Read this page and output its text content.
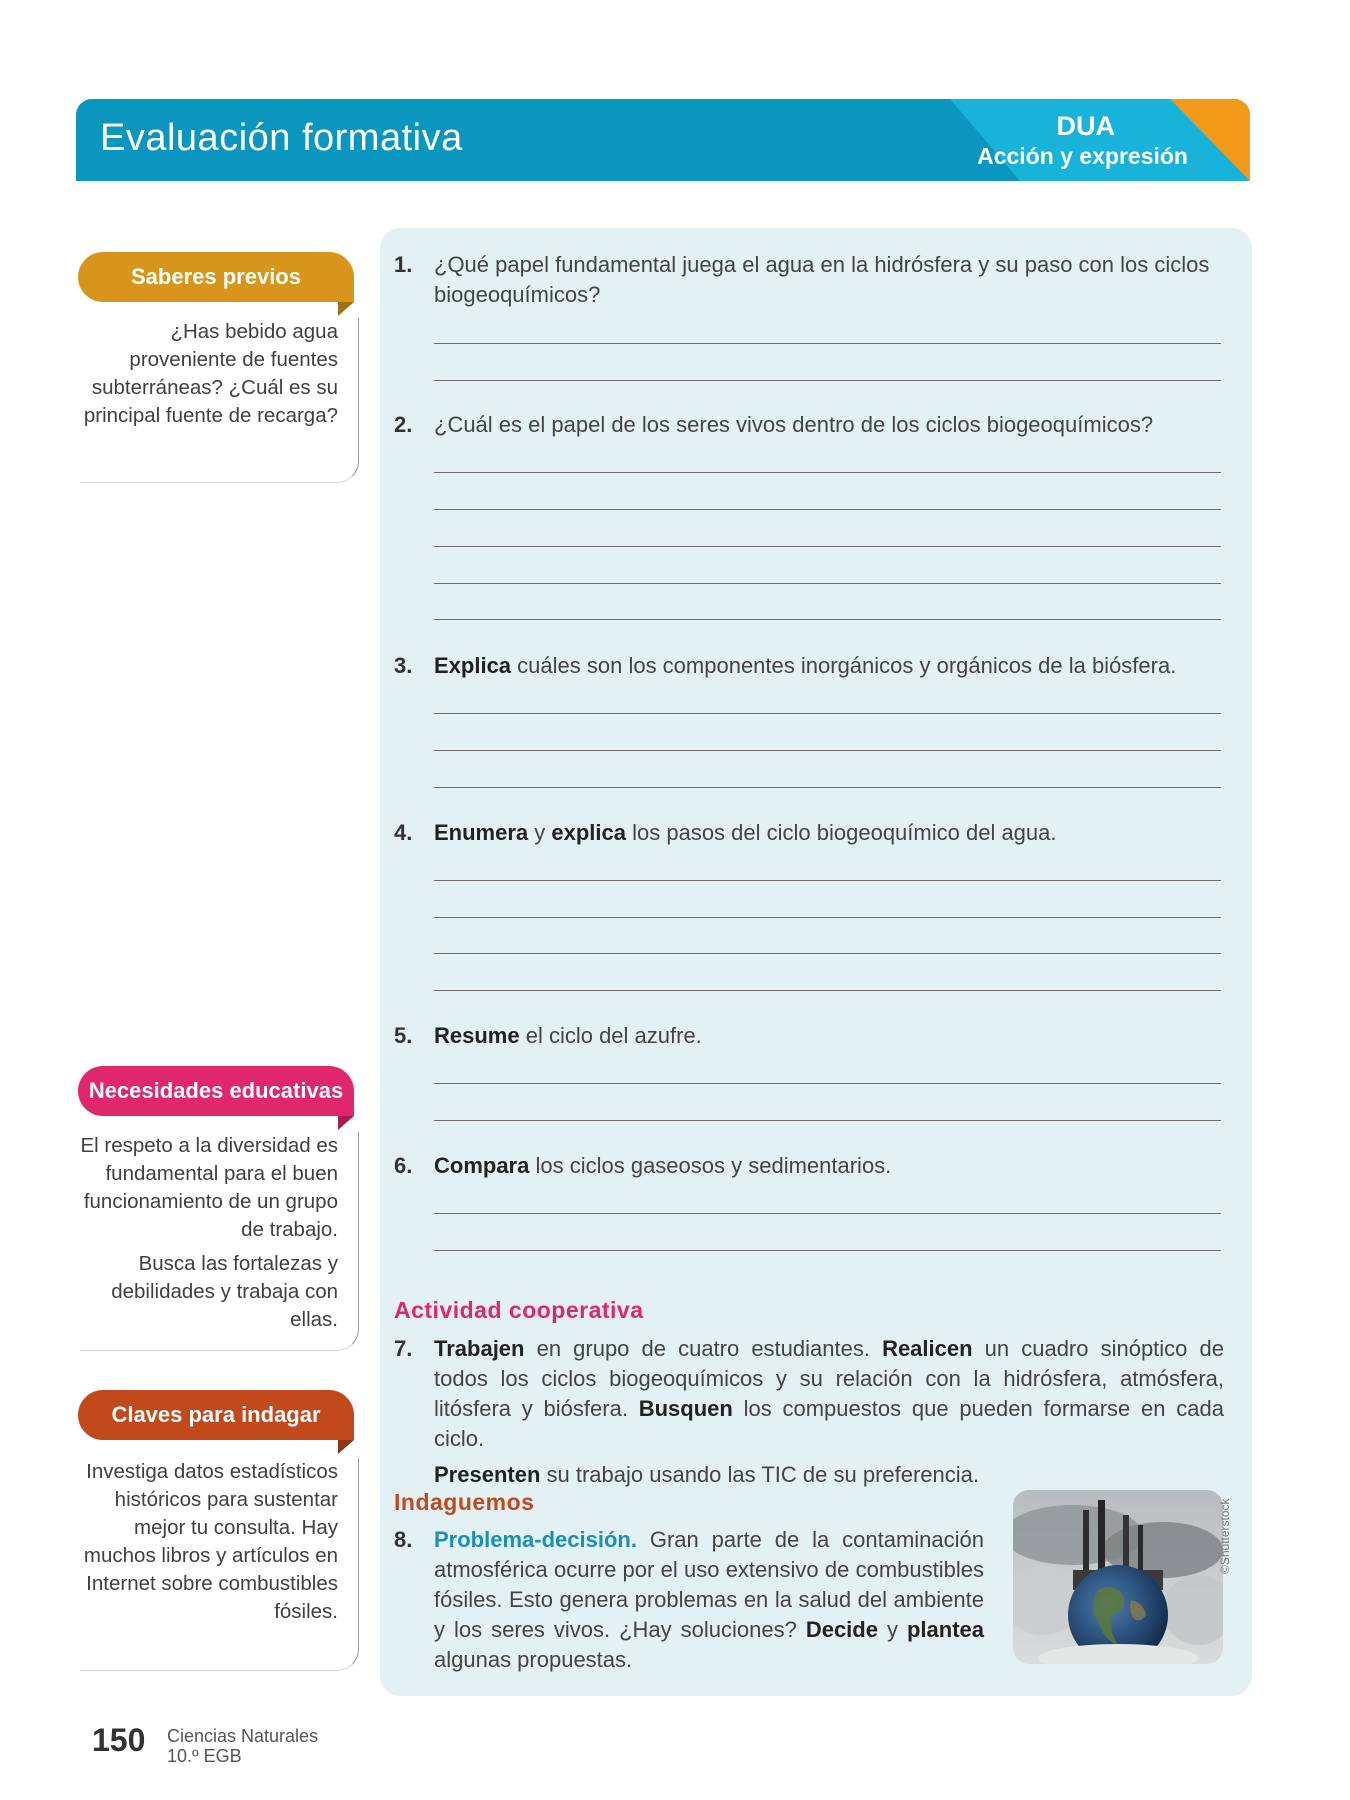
Evaluación formativa	DUA
Acción y expresión
Saberes previos

¿Has bebido agua proveniente de fuentes subterráneas? ¿Cuál es su principal fuente de recarga?

Necesidades educativas

El respeto a la diversidad es fundamental para el buen funcionamiento de un grupo de trabajo.

Busca las fortalezas y debilidades y trabaja con ellas.

Claves para indagar

Investiga datos estadísticos históricos para sustentar mejor tu consulta. Hay muchos libros y artículos en Internet sobre combustibles fósiles.

1. ¿Qué papel fundamental juega el agua en la hidrósfera y su paso con los ciclos biogeoquímicos?
2. ¿Cuál es el papel de los seres vivos dentro de los ciclos biogeoquímicos?
3. Explica cuáles son los componentes inorgánicos y orgánicos de la biósfera.
4. Enumera y explica los pasos del ciclo biogeoquímico del agua.
5. Resume el ciclo del azufre.
6. Compara los ciclos gaseosos y sedimentarios.
Actividad cooperativa
7. Trabajen en grupo de cuatro estudiantes. Realicen un cuadro sinóptico de todos los ciclos biogeoquímicos y su relación con la hidrósfera, atmósfera, litósfera y biósfera. Busquen los compuestos que pueden formarse en cada ciclo.
Presenten su trabajo usando las TIC de su preferencia.
Indaguemos
8. Problema-decisión. Gran parte de la contaminación atmosférica ocurre por el uso extensivo de combustibles fósiles. Esto genera problemas en la salud del ambiente y los seres vivos. ¿Hay soluciones? Decide y plantea algunas propuestas.
©Shutterstock
150 Ciencias Naturales
10.º EGB
